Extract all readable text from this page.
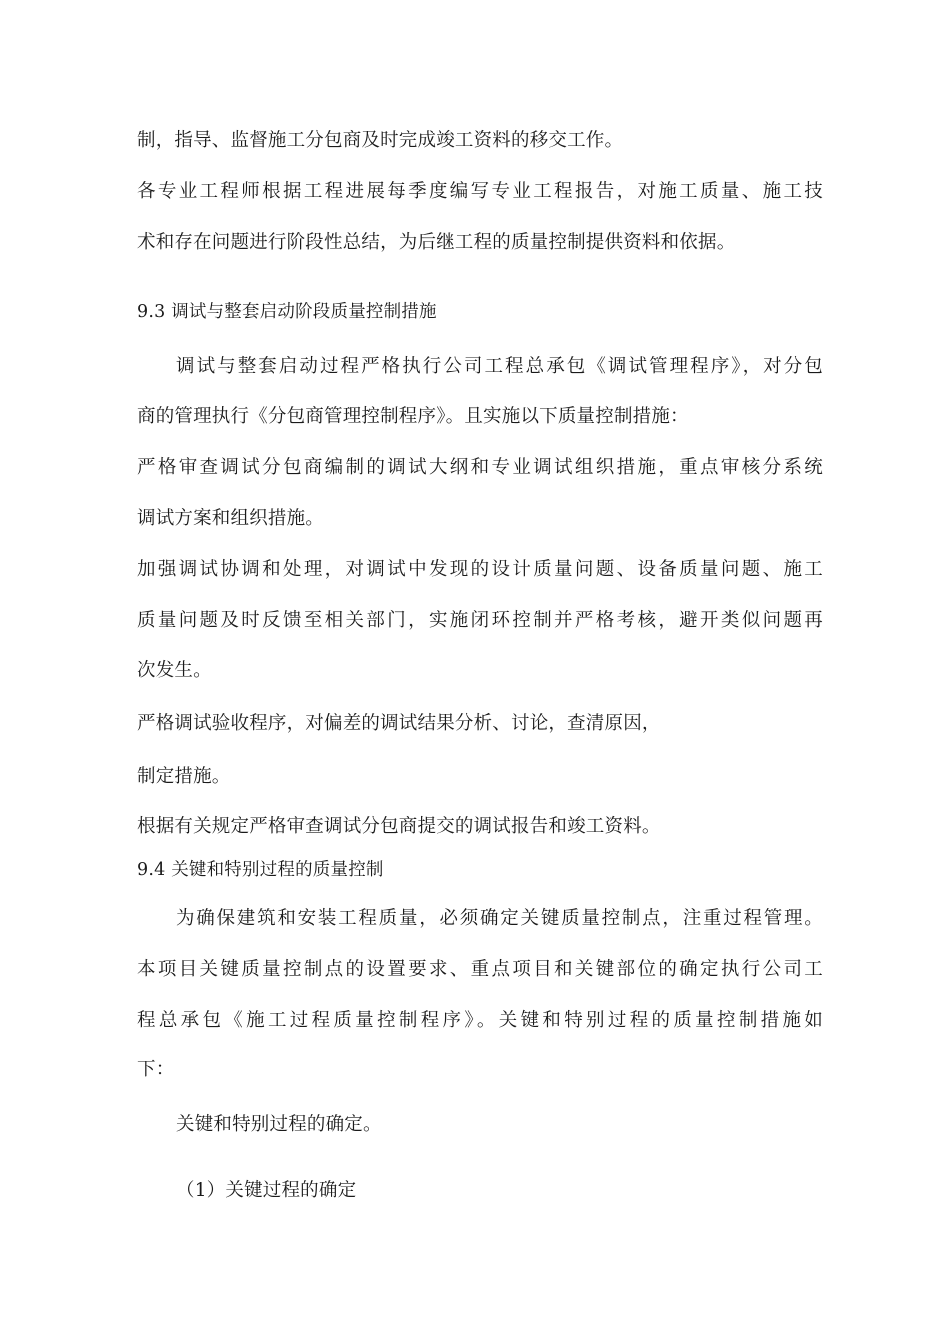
制，指导、监督施工分包商及时完成竣工资料的移交工作。
各专业工程师根据工程进展每季度编写专业工程报告，对施工质量、施工技
术和存在问题进行阶段性总结，为后继工程的质量控制提供资料和依据。
9.3 调试与整套启动阶段质量控制措施
调试与整套启动过程严格执行公司工程总承包《调试管理程序》，对分包
商的管理执行《分包商管理控制程序》。且实施以下质量控制措施：
严格审查调试分包商编制的调试大纲和专业调试组织措施，重点审核分系统
调试方案和组织措施。
加强调试协调和处理，对调试中发现的设计质量问题、设备质量问题、施工
质量问题及时反馈至相关部门，实施闭环控制并严格考核，避开类似问题再
次发生。
严格调试验收程序，对偏差的调试结果分析、讨论，查清原因，
制定措施。
根据有关规定严格审查调试分包商提交的调试报告和竣工资料。
9.4 关键和特别过程的质量控制
为确保建筑和安装工程质量，必须确定关键质量控制点，注重过程管理。
本项目关键质量控制点的设置要求、重点项目和关键部位的确定执行公司工
程总承包《施工过程质量控制程序》。关键和特别过程的质量控制措施如
下：
关键和特别过程的确定。
（1）关键过程的确定
